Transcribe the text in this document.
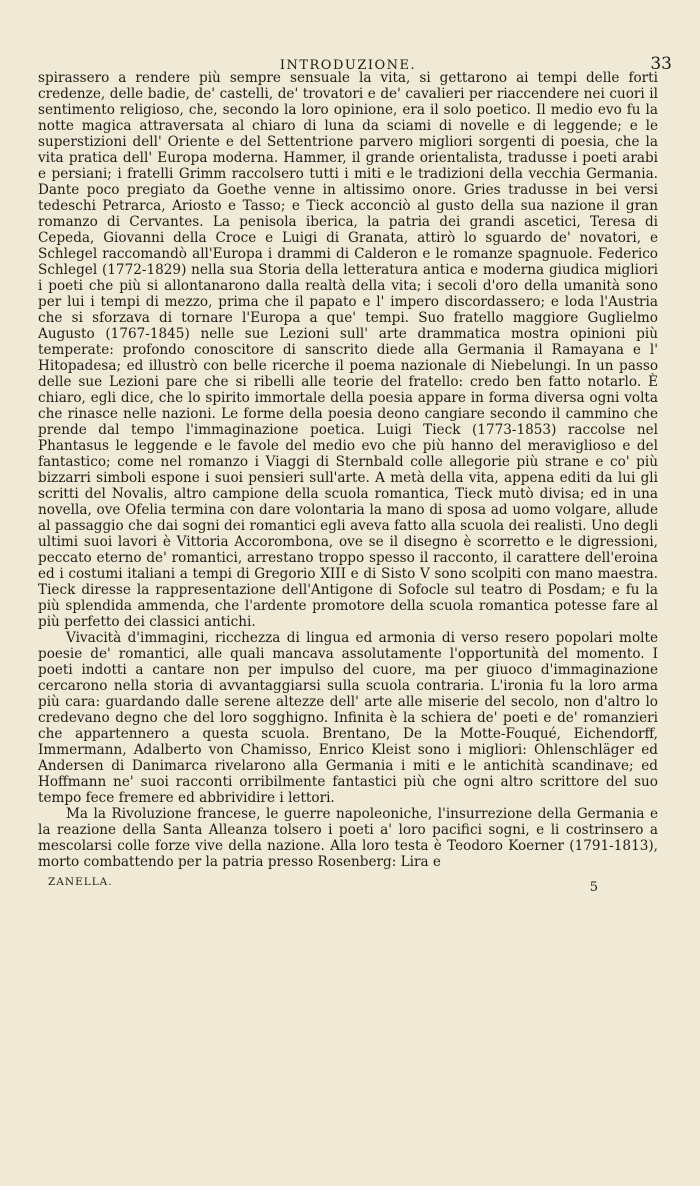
INTRODUZIONE.	33

spirassero a rendere più sempre sensuale la vita, si gettarono ai tempi delle forti credenze, delle badie, de' castelli, de' trovatori e de' cavalieri per riaccendere nei cuori il sentimento religioso, che, secondo la loro opinione, era il solo poetico. Il medio evo fu la notte magica attraversata al chiaro di luna da sciami di novelle e di leggende; e le superstizioni dell' Oriente e del Settentrione parvero migliori sorgenti di poesia, che la vita pratica dell' Europa moderna. Hammer, il grande orientalista, tradusse i poeti arabi e persiani; i fratelli Grimm raccolsero tutti i miti e le tradizioni della vecchia Germania. Dante poco pregiato da Goethe venne in altissimo onore. Gries tradusse in bei versi tedeschi Petrarca, Ariosto e Tasso; e Tieck acconciò al gusto della sua nazione il gran romanzo di Cervantes. La penisola iberica, la patria dei grandi ascetici, Teresa di Cepeda, Giovanni della Croce e Luigi di Granata, attirò lo sguardo de' novatori, e Schlegel raccomandò all'Europa i drammi di Calderon e le romanze spagnuole. Federico Schlegel (1772-1829) nella sua Storia della letteratura antica e moderna giudica migliori i poeti che più si allontanarono dalla realtà della vita; i secoli d'oro della umanità sono per lui i tempi di mezzo, prima che il papato e l' impero discordassero; e loda l'Austria che si sforzava di tornare l'Europa a que' tempi. Suo fratello maggiore Guglielmo Augusto (1767-1845) nelle sue Lezioni sull' arte drammatica mostra opinioni più temperate: profondo conoscitore di sanscrito diede alla Germania il Ramayana e l' Hitopadesa; ed illustrò con belle ricerche il poema nazionale di Niebelungi. In un passo delle sue Lezioni pare che si ribelli alle teorie del fratello: credo ben fatto notarlo. È chiaro, egli dice, che lo spirito immortale della poesia appare in forma diversa ogni volta che rinasce nelle nazioni. Le forme della poesia deono cangiare secondo il cammino che prende dal tempo l'immaginazione poetica. Luigi Tieck (1773-1853) raccolse nel Phantasus le leggende e le favole del medio evo che più hanno del meraviglioso e del fantastico; come nel romanzo i Viaggi di Sternbald colle allegorie più strane e co' più bizzarri simboli espone i suoi pensieri sull'arte. A metà della vita, appena editi da lui gli scritti del Novalis, altro campione della scuola romantica, Tieck mutò divisa; ed in una novella, ove Ofelia termina con dare volontaria la mano di sposa ad uomo volgare, allude al passaggio che dai sogni dei romantici egli aveva fatto alla scuola dei realisti. Uno degli ultimi suoi lavori è Vittoria Accorombona, ove se il disegno è scorretto e le digressioni, peccato eterno de' romantici, arrestano troppo spesso il racconto, il carattere dell'eroina ed i costumi italiani a tempi di Gregorio XIII e di Sisto V sono scolpiti con mano maestra. Tieck diresse la rappresentazione dell'Antigone di Sofocle sul teatro di Posdam; e fu la più splendida ammenda, che l'ardente promotore della scuola romantica potesse fare al più perfetto dei classici antichi.

Vivacità d'immagini, ricchezza di lingua ed armonia di verso resero popolari molte poesie de' romantici, alle quali mancava assolutamente l'opportunità del momento. I poeti indotti a cantare non per impulso del cuore, ma per giuoco d'immaginazione cercarono nella storia di avvantaggiarsi sulla scuola contraria. L'ironia fu la loro arma più cara: guardando dalle serene altezze dell' arte alle miserie del secolo, non d'altro lo credevano degno che del loro sogghigno. Infinita è la schiera de' poeti e de' romanzieri che appartennero a questa scuola. Brentano, De la Motte-Fouqué, Eichendorff, Immermann, Adalberto von Chamisso, Enrico Kleist sono i migliori: Ohlenschläger ed Andersen di Danimarca rivelarono alla Germania i miti e le antichità scandinave; ed Hoffmann ne' suoi racconti orribilmente fantastici più che ogni altro scrittore del suo tempo fece fremere ed abbrividire i lettori.

Ma la Rivoluzione francese, le guerre napoleoniche, l'insurrezione della Germania e la reazione della Santa Alleanza tolsero i poeti a' loro pacifici sogni, e li costrinsero a mescolarsi colle forze vive della nazione. Alla loro testa è Teodoro Koerner (1791-1813), morto combattendo per la patria presso Rosenberg: Lira e

ZANELLA.	5
